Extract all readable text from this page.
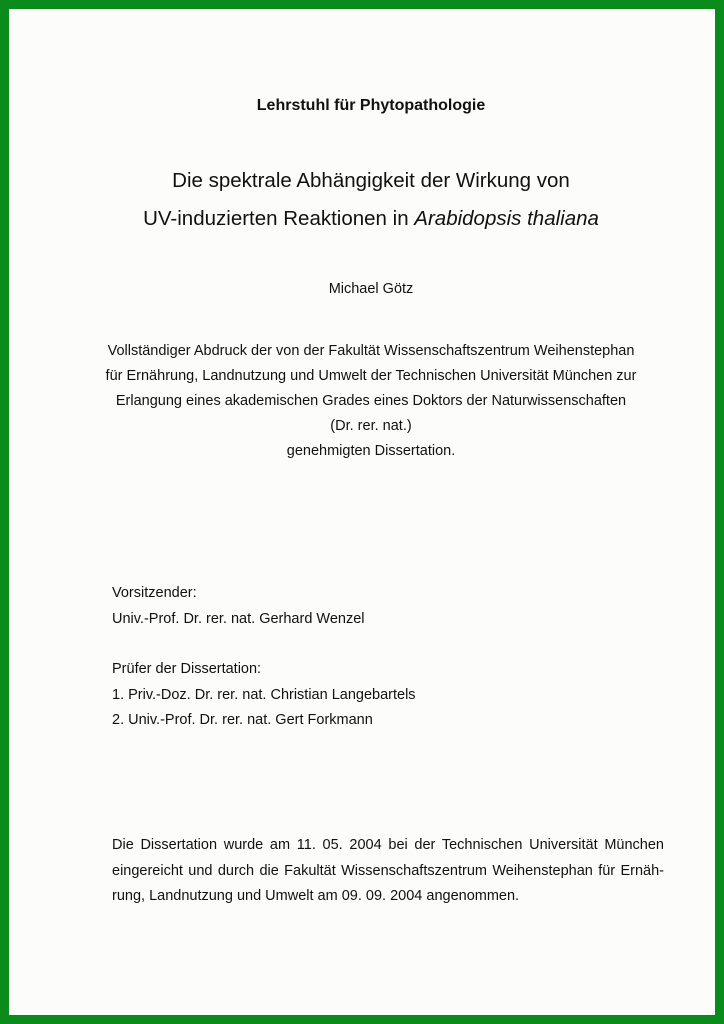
Lehrstuhl für Phytopathologie
Die spektrale Abhängigkeit der Wirkung von
UV-induzierten Reaktionen in Arabidopsis thaliana
Michael Götz
Vollständiger Abdruck der von der Fakultät Wissenschaftszentrum Weihenstephan
für Ernährung, Landnutzung und Umwelt der Technischen Universität München zur
Erlangung eines akademischen Grades eines Doktors der Naturwissenschaften
(Dr. rer. nat.)
genehmigten Dissertation.
Vorsitzender:
Univ.-Prof. Dr. rer. nat. Gerhard Wenzel
Prüfer der Dissertation:
1. Priv.-Doz. Dr. rer. nat. Christian Langebartels
2. Univ.-Prof. Dr. rer. nat. Gert Forkmann
Die Dissertation wurde am 11. 05. 2004 bei der Technischen Universität München
eingereicht und durch die Fakultät Wissenschaftszentrum Weihenstephan für Ernäh-
rung, Landnutzung und Umwelt am 09. 09. 2004 angenommen.
